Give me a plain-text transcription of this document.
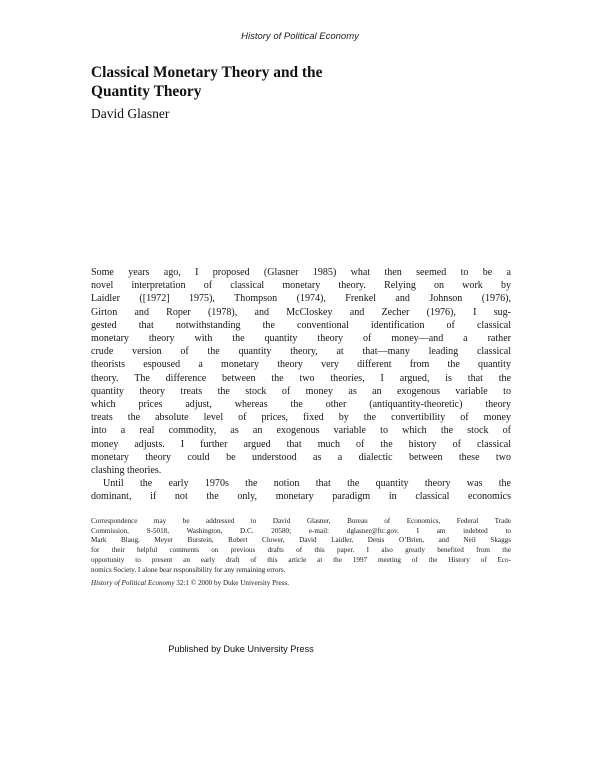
History of Political Economy
Classical Monetary Theory and the
Quantity Theory
David Glasner
Some years ago, I proposed (Glasner 1985) what then seemed to be a
novel interpretation of classical monetary theory. Relying on work by
Laidler ([1972] 1975), Thompson (1974), Frenkel and Johnson (1976),
Girton and Roper (1978), and McCloskey and Zecher (1976), I sug-
gested that notwithstanding the conventional identification of classical
monetary theory with the quantity theory of money—and a rather
crude version of the quantity theory, at that—many leading classical
theorists espoused a monetary theory very different from the quantity
theory. The difference between the two theories, I argued, is that the
quantity theory treats the stock of money as an exogenous variable to
which prices adjust, whereas the other (antiquantity-theoretic) theory
treats the absolute level of prices, fixed by the convertibility of money
into a real commodity, as an exogenous variable to which the stock of
money adjusts. I further argued that much of the history of classical
monetary theory could be understood as a dialectic between these two
clashing theories.
Until the early 1970s the notion that the quantity theory was the
dominant, if not the only, monetary paradigm in classical economics
Correspondence may be addressed to David Glasner, Bureau of Economics, Federal Trade
Commission, S-5018, Washington, D.C. 20580; e-mail: dglasner@ftc.gov. I am indebted to
Mark Blaug, Meyer Burstein, Robert Clower, David Laidler, Denis O’Brien, and Neil Skaggs
for their helpful comments on previous drafts of this paper. I also greatly benefited from the
opportunity to present an early draft of this article at the 1997 meeting of the History of Eco-
nomics Society. I alone bear responsibility for any remaining errors.
History of Political Economy 32:1 © 2000 by Duke University Press.
Published by Duke University Press
